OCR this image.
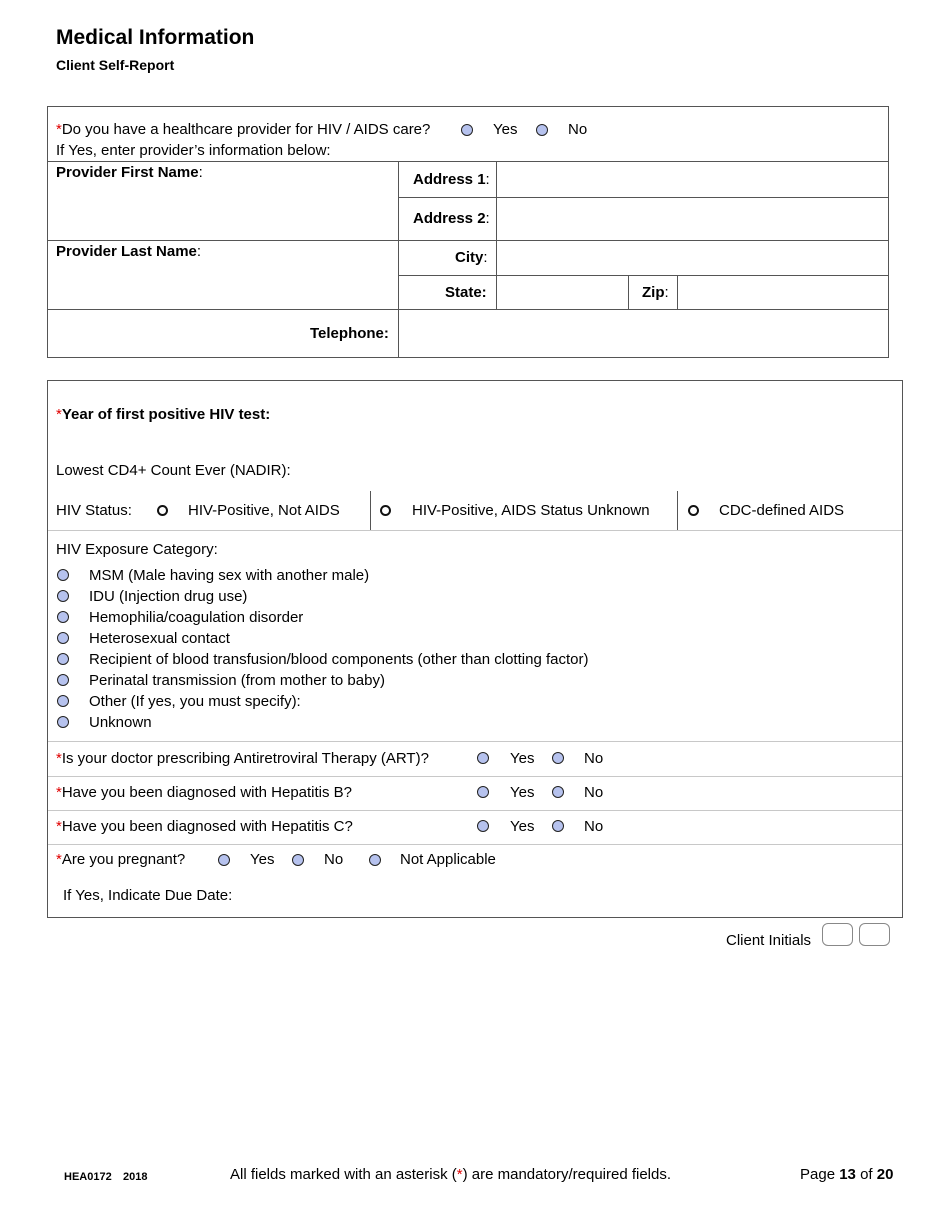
Medical Information
Client Self-Report
*Do you have a healthcare provider for HIV / AIDS care?	Yes	No
If Yes, enter provider’s information below:
Provider First Name:
Provider Last Name:
Address 1:
Address 2:
City:
State:	Zip:
Telephone:
*Year of first positive HIV test:
Lowest CD4+ Count Ever (NADIR):
HIV Status:	HIV-Positive, Not AIDS	HIV-Positive, AIDS Status Unknown	CDC-defined AIDS
HIV Exposure Category:
MSM (Male having sex with another male)
IDU (Injection drug use)
Hemophilia/coagulation disorder
Heterosexual contact
Recipient of blood transfusion/blood components (other than clotting factor)
Perinatal transmission (from mother to baby)
Other (If yes, you must specify):
Unknown
*Is your doctor prescribing Antiretroviral Therapy (ART)?	Yes	No
*Have you been diagnosed with Hepatitis B?	Yes	No
*Have you been diagnosed with Hepatitis C?	Yes	No
*Are you pregnant?	Yes	No	Not Applicable
If Yes, Indicate Due Date:
Client Initials
HEA0172 2018	All fields marked with an asterisk (*) are mandatory/required fields.	Page 13 of 20
